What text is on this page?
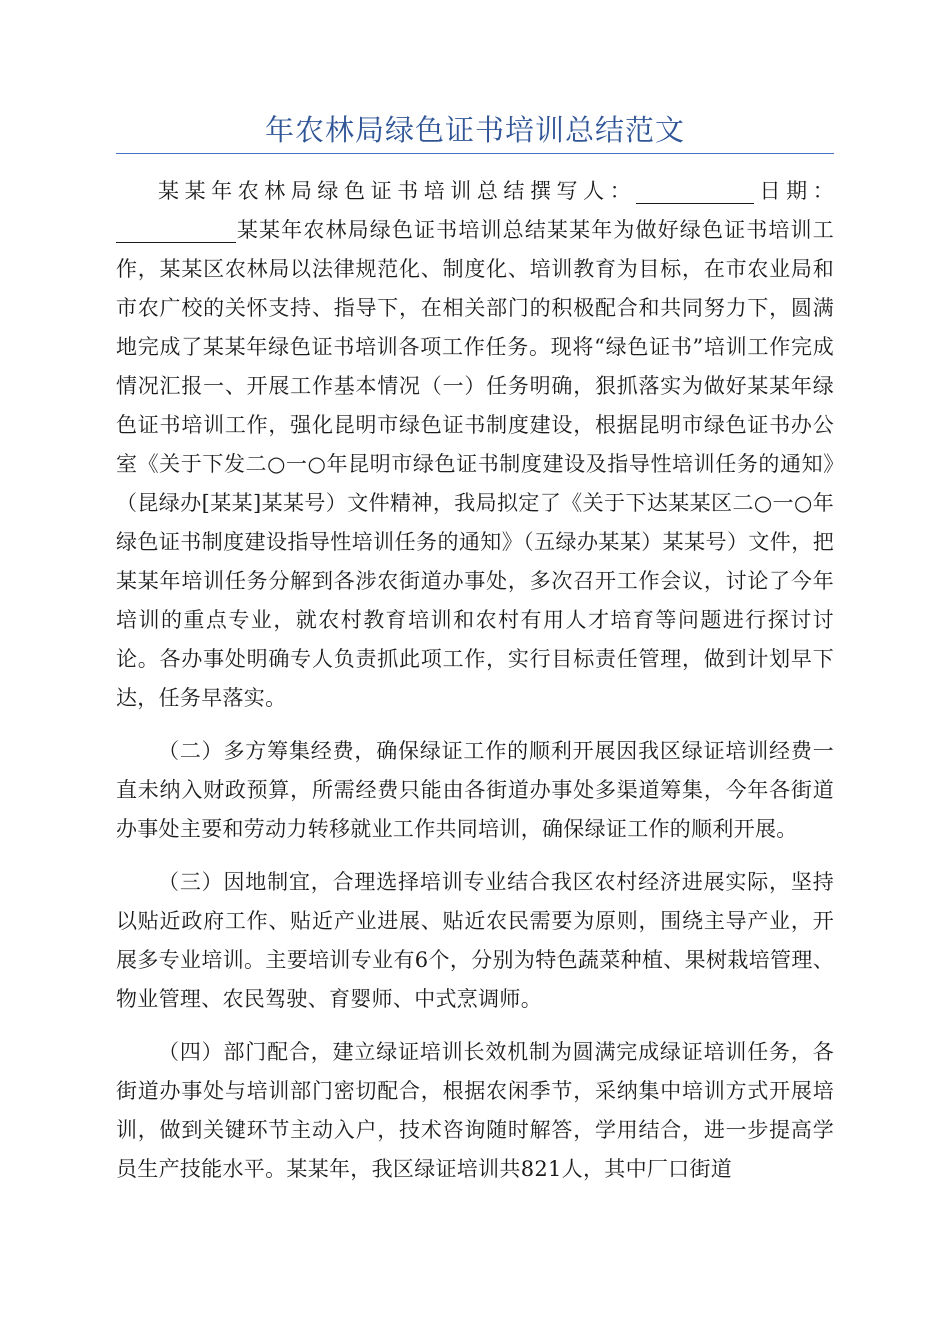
年农林局绿色证书培训总结范文

某某年农林局绿色证书培训总结撰写人：	日期：某某年农林局绿色证书培训总结某某年为做好绿色证书培训工作，某某区农林局以法律规范化、制度化、培训教育为目标，在市农业局和市农广校的关怀支持、指导下，在相关部门的积极配合和共同努力下，圆满地完成了某某年绿色证书培训各项工作任务。现将“绿色证书”培训工作完成情况汇报一、开展工作基本情况（一）任务明确，狠抓落实为做好某某年绿色证书培训工作，强化昆明市绿色证书制度建设，根据昆明市绿色证书办公室《关于下发二○一○年昆明市绿色证书制度建设及指导性培训任务的通知》（昆绿办[某某]某某号）文件精神，我局拟定了《关于下达某某区二○一○年绿色证书制度建设指导性培训任务的通知》（五绿办某某）某某号）文件，把某某年培训任务分解到各涉农街道办事处，多次召开工作会议，讨论了今年培训的重点专业，就农村教育培训和农村有用人才培育等问题进行探讨讨论。各办事处明确专人负责抓此项工作，实行目标责任管理，做到计划早下达，任务早落实。

（二）多方筹集经费，确保绿证工作的顺利开展因我区绿证培训经费一直未纳入财政预算，所需经费只能由各街道办事处多渠道筹集，今年各街道办事处主要和劳动力转移就业工作共同培训，确保绿证工作的顺利开展。

（三）因地制宜，合理选择培训专业结合我区农村经济进展实际，坚持以贴近政府工作、贴近产业进展、贴近农民需要为原则，围绕主导产业，开展多专业培训。主要培训专业有6个，分别为特色蔬菜种植、果树栽培管理、物业管理、农民驾驶、育婴师、中式烹调师。

（四）部门配合，建立绿证培训长效机制为圆满完成绿证培训任务，各街道办事处与培训部门密切配合，根据农闲季节，采纳集中培训方式开展培训，做到关键环节主动入户，技术咨询随时解答，学用结合，进一步提高学员生产技能水平。某某年，我区绿证培训共821人，其中厂口街道
